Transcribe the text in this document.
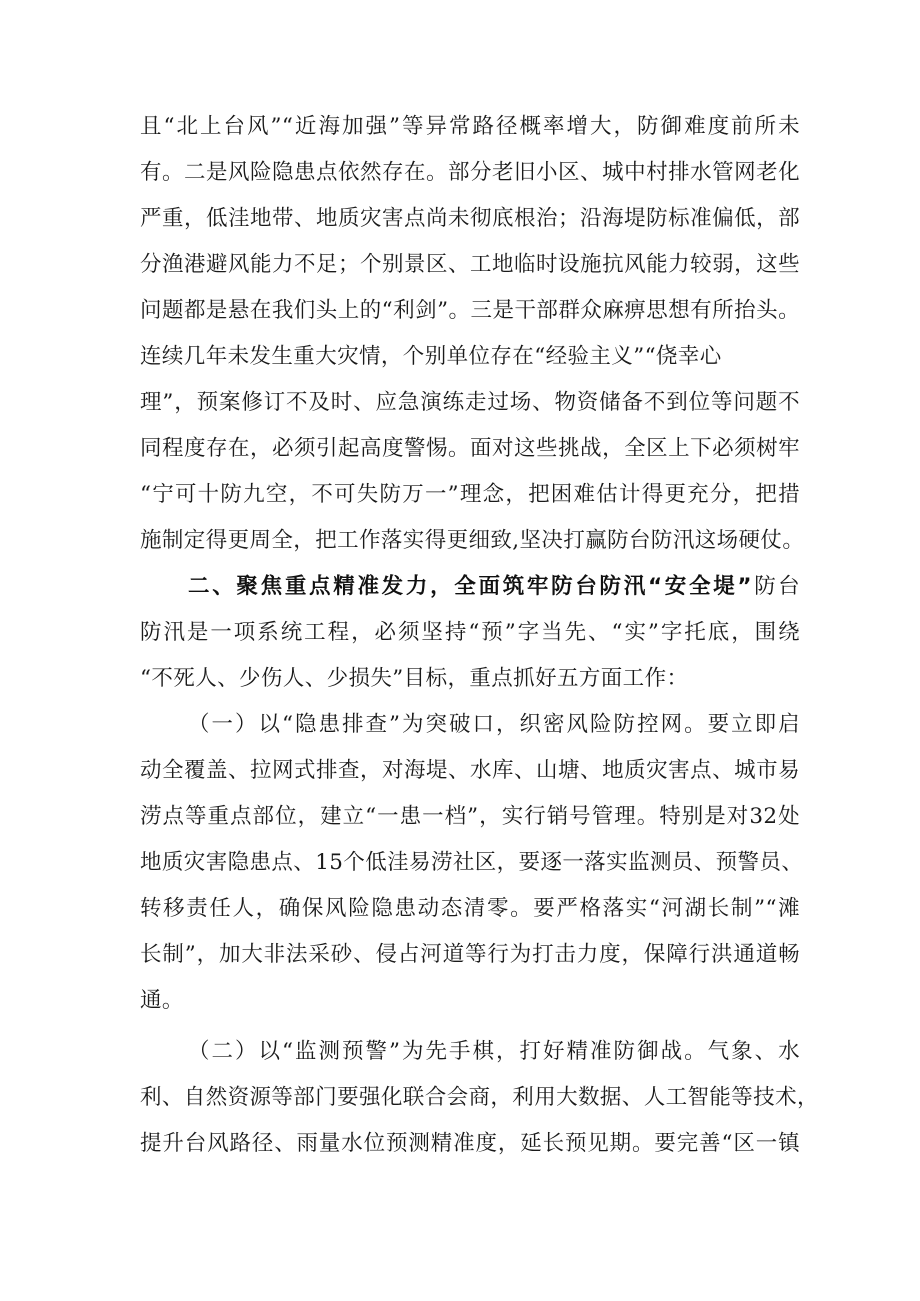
且“北上台风”“近海加强”等异常路径概率增大，防御难度前所未
有。二是风险隐患点依然存在。部分老旧小区、城中村排水管网老化
严重，低洼地带、地质灾害点尚未彻底根治；沿海堤防标准偏低，部
分渔港避风能力不足；个别景区、工地临时设施抗风能力较弱，这些
问题都是悬在我们头上的“利剑”。三是干部群众麻痹思想有所抬头。
连续几年未发生重大灾情，个别单位存在“经验主义”“侥幸心
理”，预案修订不及时、应急演练走过场、物资储备不到位等问题不
同程度存在，必须引起高度警惕。面对这些挑战，全区上下必须树牢
“宁可十防九空，不可失防万一”理念，把困难估计得更充分，把措
施制定得更周全，把工作落实得更细致,坚决打赢防台防汛这场硬仗。
二、聚焦重点精准发力，全面筑牢防台防汛“安全堤”防台
防汛是一项系统工程，必须坚持“预”字当先、“实”字托底，围绕
“不死人、少伤人、少损失”目标，重点抓好五方面工作：
（一）以“隐患排查”为突破口，织密风险防控网。要立即启
动全覆盖、拉网式排查，对海堤、水库、山塘、地质灾害点、城市易
涝点等重点部位，建立“一患一档”，实行销号管理。特别是对32处
地质灾害隐患点、15个低洼易涝社区，要逐一落实监测员、预警员、
转移责任人，确保风险隐患动态清零。要严格落实“河湖长制”“滩
长制”，加大非法采砂、侵占河道等行为打击力度，保障行洪通道畅
通。
（二）以“监测预警”为先手棋，打好精准防御战。气象、水
利、自然资源等部门要强化联合会商，利用大数据、人工智能等技术，
提升台风路径、雨量水位预测精准度，延长预见期。要完善“区一镇
